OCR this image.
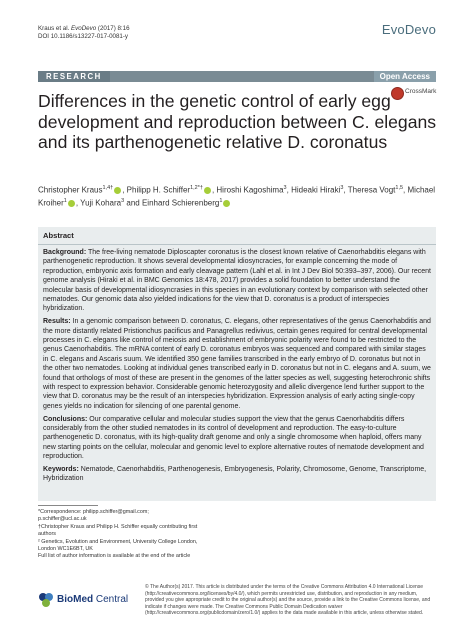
Kraus et al. EvoDevo (2017) 8:16
DOI 10.1186/s13227-017-0081-y	EvoDevo
RESEARCH	Open Access
CrossMark
Differences in the genetic control of early egg development and reproduction between C. elegans and its parthenogenetic relative D. coronatus
Christopher Kraus$^{1,4\dagger}$ , Philipp H. Schiffer$^{1,2*\dagger}$ , Hiroshi Kagoshima$^3$, Hideaki Hiraki$^3$, Theresa Vogt$^{1,5}$, Michael Kroiher$^1$ , Yuji Kohara$^3$ and Einhard Schierenberg$^1$
Abstract

Background: The free-living nematode Diploscapter coronatus is the closest known relative of Caenorhabditis elegans with parthenogenetic reproduction. It shows several developmental idiosyncracies, for example concerning the mode of reproduction, embryonic axis formation and early cleavage pattern (Lahl et al. in Int J Dev Biol 50:393–397, 2006). Our recent genome analysis (Hiraki et al. in BMC Genomics 18:478, 2017) provides a solid foundation to better understand the molecular basis of developmental idiosyncrasies in this species in an evolutionary context by comparison with selected other nematodes. Our genomic data also yielded indications for the view that D. coronatus is a product of interspecies hybridization.

Results: In a genomic comparison between D. coronatus, C. elegans, other representatives of the genus Caenorhabditis and the more distantly related Pristionchus pacificus and Panagrellus redivivus, certain genes required for central developmental processes in C. elegans like control of meiosis and establishment of embryonic polarity were found to be restricted to the genus Caenorhabditis. The mRNA content of early D. coronatus embryos was sequenced and compared with similar stages in C. elegans and Ascaris suum. We identified 350 gene families transcribed in the early embryo of D. coronatus but not in the other two nematodes. Looking at individual genes transcribed early in D. coronatus but not in C. elegans and A. suum, we found that orthologs of most of these are present in the genomes of the latter species as well, suggesting heterochronic shifts with respect to expression behavior. Considerable genomic heterozygosity and allelic divergence lend further support to the view that D. coronatus may be the result of an interspecies hybridization. Expression analysis of early acting single-copy genes yields no indication for silencing of one parental genome.

Conclusions: Our comparative cellular and molecular studies support the view that the genus Caenorhabditis differs considerably from the other studied nematodes in its control of development and reproduction. The easy-to-culture parthenogenetic D. coronatus, with its high-quality draft genome and only a single chromosome when haploid, offers many new starting points on the cellular, molecular and genomic level to explore alternative routes of nematode development and reproduction.

Keywords: Nematode, Caenorhabditis, Parthenogenesis, Embryogenesis, Polarity, Chromosome, Genome, Transcriptome, Hybridization

*Correspondence: philipp.schiffer@gmail.com; p.schiffer@ucl.ac.uk
†Christopher Kraus and Philipp H. Schiffer equally contributing first authors
² Genetics, Evolution and Environment, University College London, London WC1E6BT, UK
Full list of author information is available at the end of the article
BioMed Central
© The Author(s) 2017. This article is distributed under the terms of the Creative Commons Attribution 4.0 International License (http://creativecommons.org/licenses/by/4.0/), which permits unrestricted use, distribution, and reproduction in any medium, provided you give appropriate credit to the original author(s) and the source, provide a link to the Creative Commons license, and indicate if changes were made. The Creative Commons Public Domain Dedication waiver (http://creativecommons.org/publicdomain/zero/1.0/) applies to the data made available in this article, unless otherwise stated.
